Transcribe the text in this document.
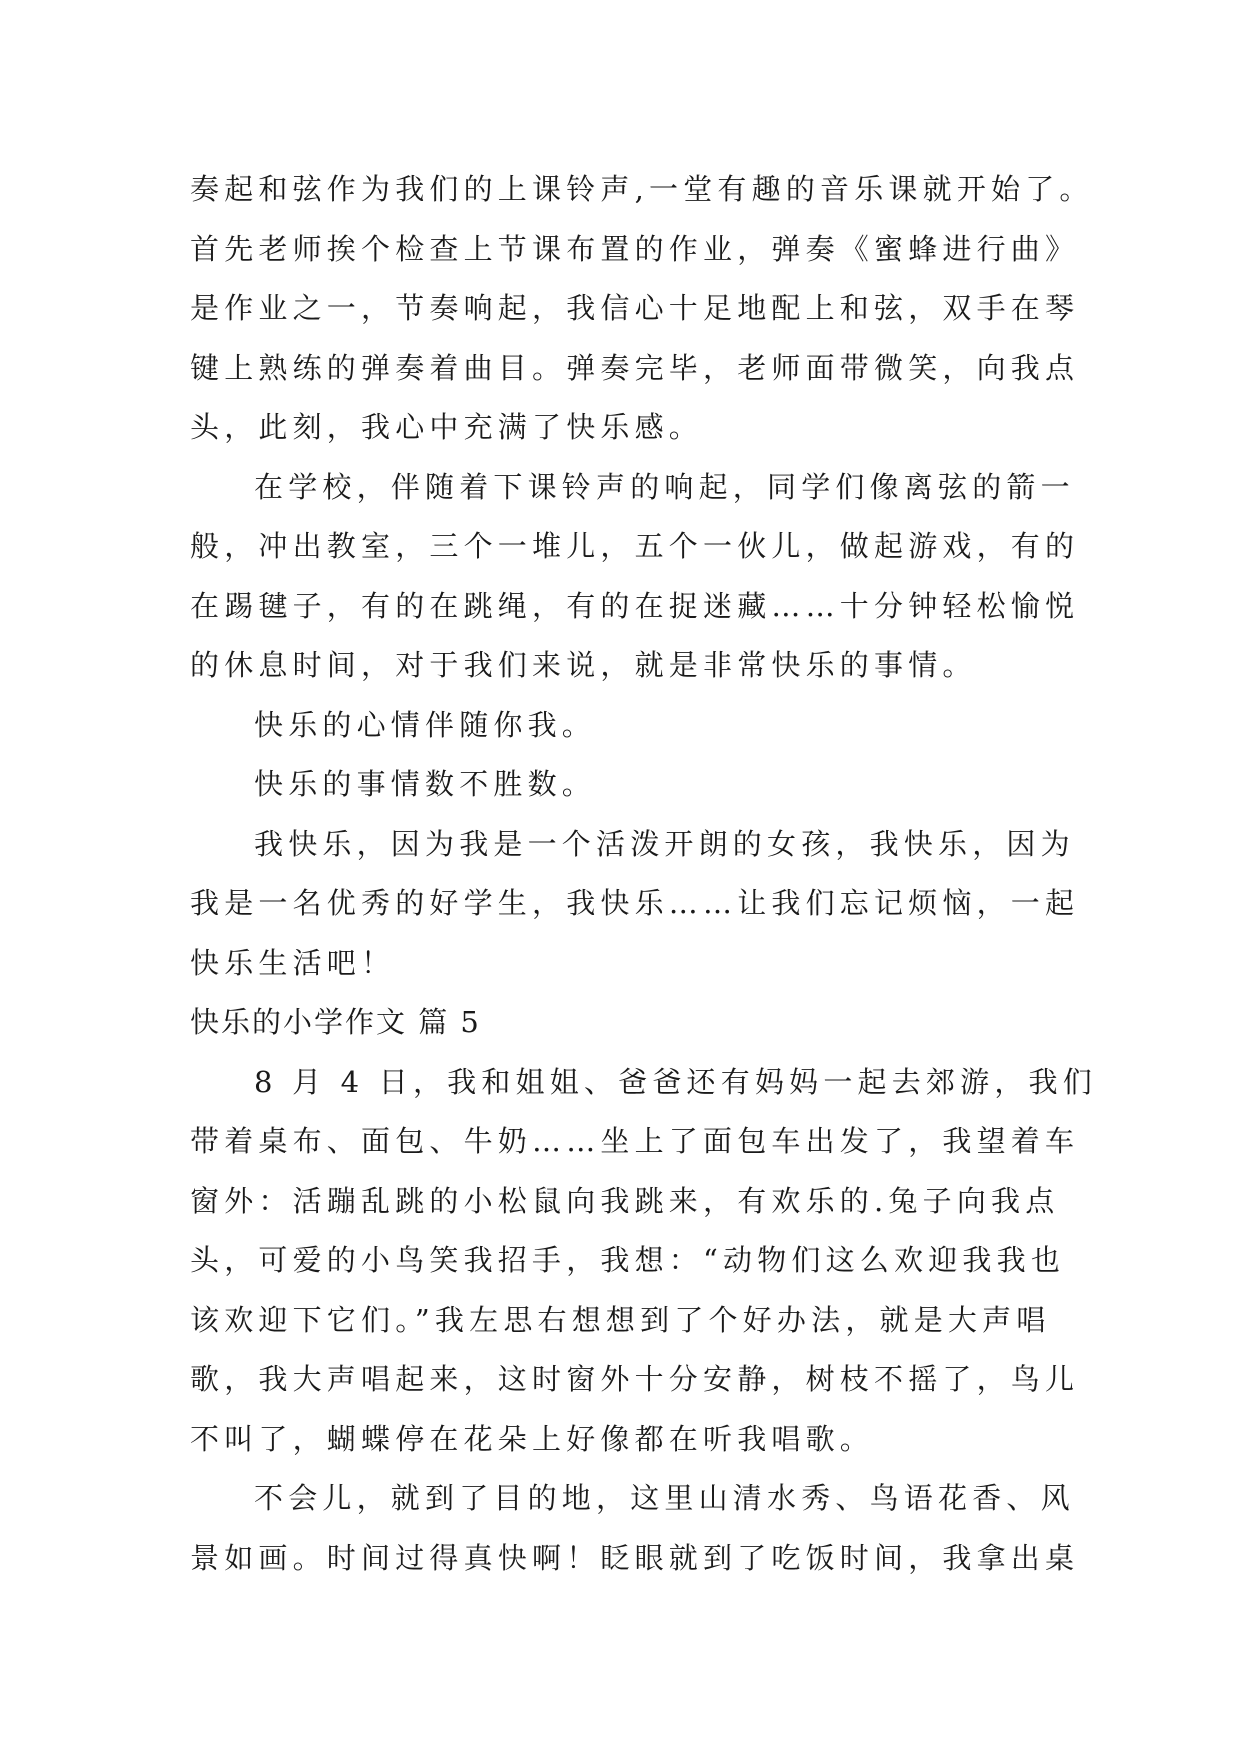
奏起和弦作为我们的上课铃声,一堂有趣的音乐课就开始了。
首先老师挨个检查上节课布置的作业，弹奏《蜜蜂进行曲》
是作业之一，节奏响起，我信心十足地配上和弦，双手在琴
键上熟练的弹奏着曲目。弹奏完毕，老师面带微笑，向我点
头，此刻，我心中充满了快乐感。
在学校，伴随着下课铃声的响起，同学们像离弦的箭一
般，冲出教室，三个一堆儿，五个一伙儿，做起游戏，有的
在踢毽子，有的在跳绳，有的在捉迷藏……十分钟轻松愉悦
的休息时间，对于我们来说，就是非常快乐的事情。
快乐的心情伴随你我。
快乐的事情数不胜数。
我快乐，因为我是一个活泼开朗的女孩，我快乐，因为
我是一名优秀的好学生，我快乐……让我们忘记烦恼，一起
快乐生活吧！
快乐的小学作文 篇 5
8 月 4 日，我和姐姐、爸爸还有妈妈一起去郊游，我们
带着桌布、面包、牛奶……坐上了面包车出发了，我望着车
窗外：活蹦乱跳的小松鼠向我跳来，有欢乐的.兔子向我点
头，可爱的小鸟笑我招手，我想：“动物们这么欢迎我我也
该欢迎下它们。”我左思右想想到了个好办法，就是大声唱
歌，我大声唱起来，这时窗外十分安静，树枝不摇了，鸟儿
不叫了，蝴蝶停在花朵上好像都在听我唱歌。
不会儿，就到了目的地，这里山清水秀、鸟语花香、风
景如画。时间过得真快啊！眨眼就到了吃饭时间，我拿出桌
